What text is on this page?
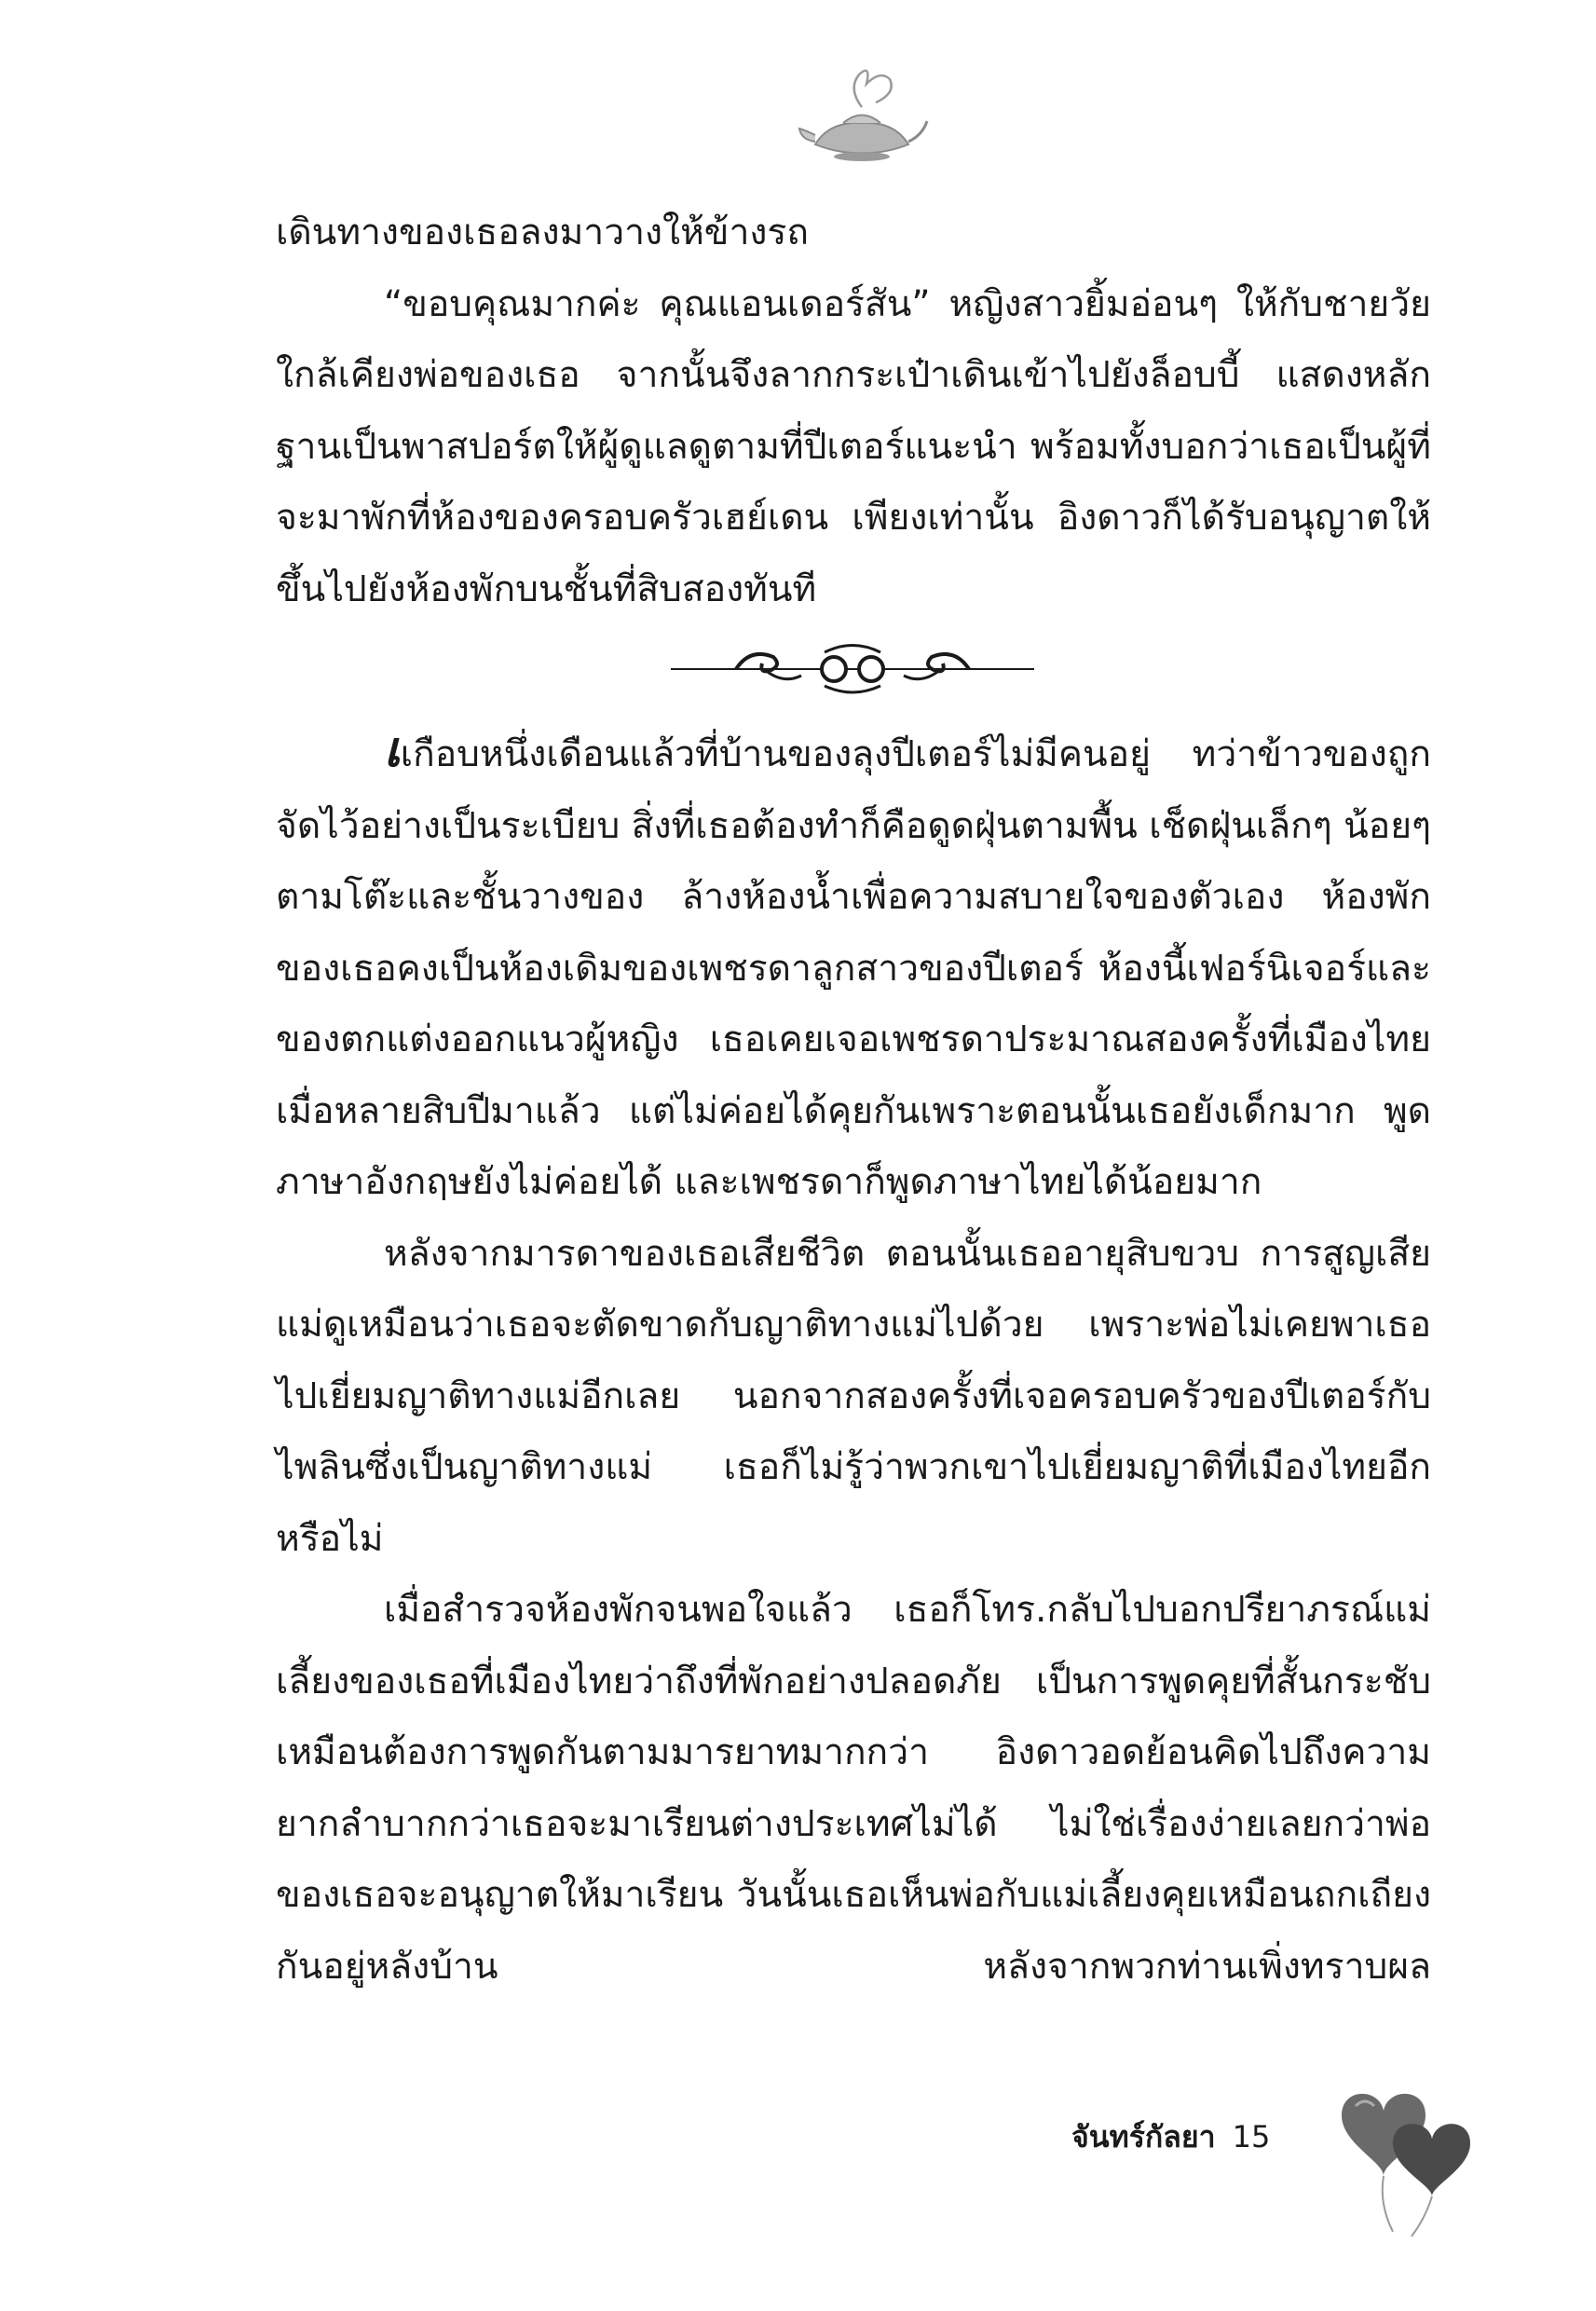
เดินทางของเธอลงมาวางให้ข้างรถ

“ขอบคุณมากค่ะ คุณแอนเดอร์สัน” หญิงสาวยิ้มอ่อนๆ ให้กับชายวัยใกล้เคียงพ่อของเธอ จากนั้นจึงลากกระเป๋าเดินเข้าไปยังล็อบบี้ แสดงหลักฐานเป็นพาสปอร์ตให้ผู้ดูแลดูตามที่ปีเตอร์แนะนำ พร้อมทั้งบอกว่าเธอเป็นผู้ที่จะมาพักที่ห้องของครอบครัวเฮย์เดน เพียงเท่านั้น อิงดาวก็ได้รับอนุญาตให้ขึ้นไปยังห้องพักบนชั้นที่สิบสองทันที

เเกือบหนึ่งเดือนแล้วที่บ้านของลุงปีเตอร์ไม่มีคนอยู่ ทว่าข้าวของถูกจัดไว้อย่างเป็นระเบียบ สิ่งที่เธอต้องทำก็คือดูดฝุ่นตามพื้น เช็ดฝุ่นเล็กๆ น้อยๆ ตามโต๊ะและชั้นวางของ ล้างห้องน้ำเพื่อความสบายใจของตัวเอง ห้องพักของเธอคงเป็นห้องเดิมของเพชรดาลูกสาวของปีเตอร์ ห้องนี้เฟอร์นิเจอร์และของตกแต่งออกแนวผู้หญิง เธอเคยเจอเพชรดาประมาณสองครั้งที่เมืองไทยเมื่อหลายสิบปีมาแล้ว แต่ไม่ค่อยได้คุยกันเพราะตอนนั้นเธอยังเด็กมาก พูดภาษาอังกฤษยังไม่ค่อยได้ และเพชรดาก็พูดภาษาไทยได้น้อยมาก

หลังจากมารดาของเธอเสียชีวิต ตอนนั้นเธออายุสิบขวบ การสูญเสียแม่ดูเหมือนว่าเธอจะตัดขาดกับญาติทางแม่ไปด้วย เพราะพ่อไม่เคยพาเธอไปเยี่ยมญาติทางแม่อีกเลย นอกจากสองครั้งที่เจอครอบครัวของปีเตอร์กับไพลินซึ่งเป็นญาติทางแม่ เธอก็ไม่รู้ว่าพวกเขาไปเยี่ยมญาติที่เมืองไทยอีกหรือไม่

เมื่อสำรวจห้องพักจนพอใจแล้ว เธอก็โทร.กลับไปบอกปรียาภรณ์แม่เลี้ยงของเธอที่เมืองไทยว่าถึงที่พักอย่างปลอดภัย เป็นการพูดคุยที่สั้นกระชับ เหมือนต้องการพูดกันตามมารยาทมากกว่า อิงดาวอดย้อนคิดไปถึงความยากลำบากกว่าเธอจะมาเรียนต่างประเทศไม่ได้ ไม่ใช่เรื่องง่ายเลยกว่าพ่อของเธอจะอนุญาตให้มาเรียน วันนั้นเธอเห็นพ่อกับแม่เลี้ยงคุยเหมือนถกเถียงกันอยู่หลังบ้าน หลังจากพวกท่านเพิ่งทราบผล

จันทร์กัลยา 15
